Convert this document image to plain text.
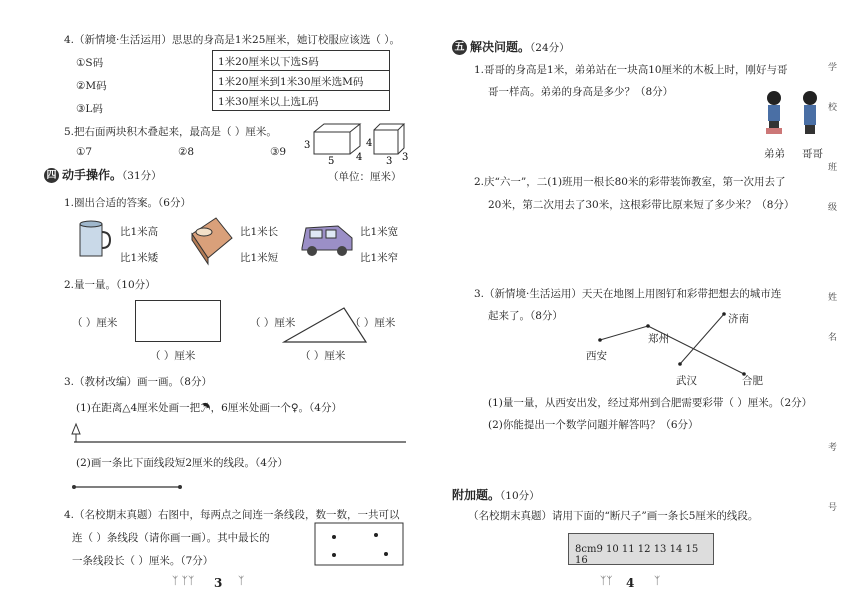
4.（新情境·生活运用）思思的身高是1米25厘米，她订校服应该选（ ）。
①S码
②M码
③L码
1米20厘米以下选S码
1米20厘米到1米30厘米选M码
1米30厘米以上选L码
5.把右面两块积木叠起来，最高是（ ）厘米。
①7	②8	③9
3
5 4
4
3 3
（单位：厘米）
四 动手操作。（31分）
1.圈出合适的答案。（6分）
比1米高
比1米矮
比1米长
比1米短
比1米宽
比1米窄
2.量一量。（10分）
（ ）厘米
（ ）厘米
（ ）厘米	（ ）厘米
（ ）厘米
3.（教材改编）画一画。（8分）
(1)在距离△4厘米处画一把☂，6厘米处画一个♀。（4分）
(2)画一条比下面线段短2厘米的线段。（4分）
4.（名校期末真题）右图中，每两点之间连一条线段，数一数，一共可以
连（ ）条线段（请你画一画）。其中最长的
一条线段长（ ）厘米。（7分）
3
ᛉ ᛉᛉ	ᛉ
五 解决问题。（24分）
1.哥哥的身高是1米，弟弟站在一块高10厘米的木板上时，刚好与哥
哥一样高。弟弟的身高是多少？（8分）
弟弟 哥哥
2.庆“六一”，二(1)班用一根长80米的彩带装饰教室，第一次用去了
20米，第二次用去了30米，这根彩带比原来短了多少米？（8分）
3.（新情境·生活运用）天天在地图上用图钉和彩带把想去的城市连
起来了。（8分）	济南
郑州
西安
武汉	合肥
(1)量一量，从西安出发，经过郑州到合肥需要彩带（ ）厘米。（2分）
(2)你能提出一个数学问题并解答吗？（6分）
附加题。（10分）
（名校期末真题）请用下面的“断尺子”画一条长5厘米的线段。
8cm9 10 11 12 13 14 15 16
4
ᛉᛉ	ᛉ
学
校
班
级
姓
名
考
号
